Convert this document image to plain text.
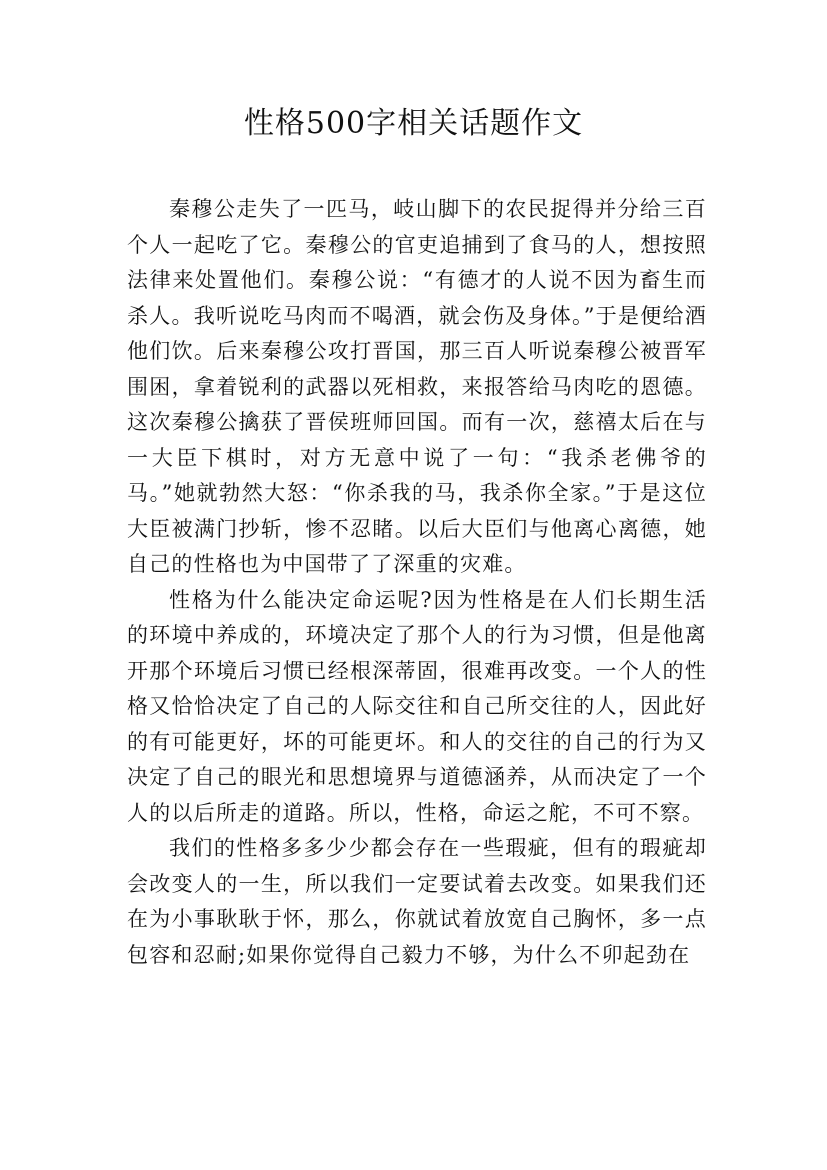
性格500字相关话题作文

秦穆公走失了一匹马，岐山脚下的农民捉得并分给三百个人一起吃了它。秦穆公的官吏追捕到了食马的人，想按照法律来处置他们。秦穆公说：“有德才的人说不因为畜生而杀人。我听说吃马肉而不喝酒，就会伤及身体。”于是便给酒他们饮。后来秦穆公攻打晋国，那三百人听说秦穆公被晋军围困，拿着锐利的武器以死相救，来报答给马肉吃的恩德。这次秦穆公擒获了晋侯班师回国。而有一次，慈禧太后在与一大臣下棋时，对方无意中说了一句：“我杀老佛爷的马。”她就勃然大怒：“你杀我的马，我杀你全家。”于是这位大臣被满门抄斩，惨不忍睹。以后大臣们与他离心离德，她自己的性格也为中国带了了深重的灾难。

性格为什么能决定命运呢?因为性格是在人们长期生活的环境中养成的，环境决定了那个人的行为习惯，但是他离开那个环境后习惯已经根深蒂固，很难再改变。一个人的性格又恰恰决定了自己的人际交往和自己所交往的人，因此好的有可能更好，坏的可能更坏。和人的交往的自己的行为又决定了自己的眼光和思想境界与道德涵养，从而决定了一个人的以后所走的道路。所以，性格，命运之舵，不可不察。

我们的性格多多少少都会存在一些瑕疵，但有的瑕疵却会改变人的一生，所以我们一定要试着去改变。如果我们还在为小事耿耿于怀，那么，你就试着放宽自己胸怀，多一点包容和忍耐;如果你觉得自己毅力不够，为什么不卯起劲在
